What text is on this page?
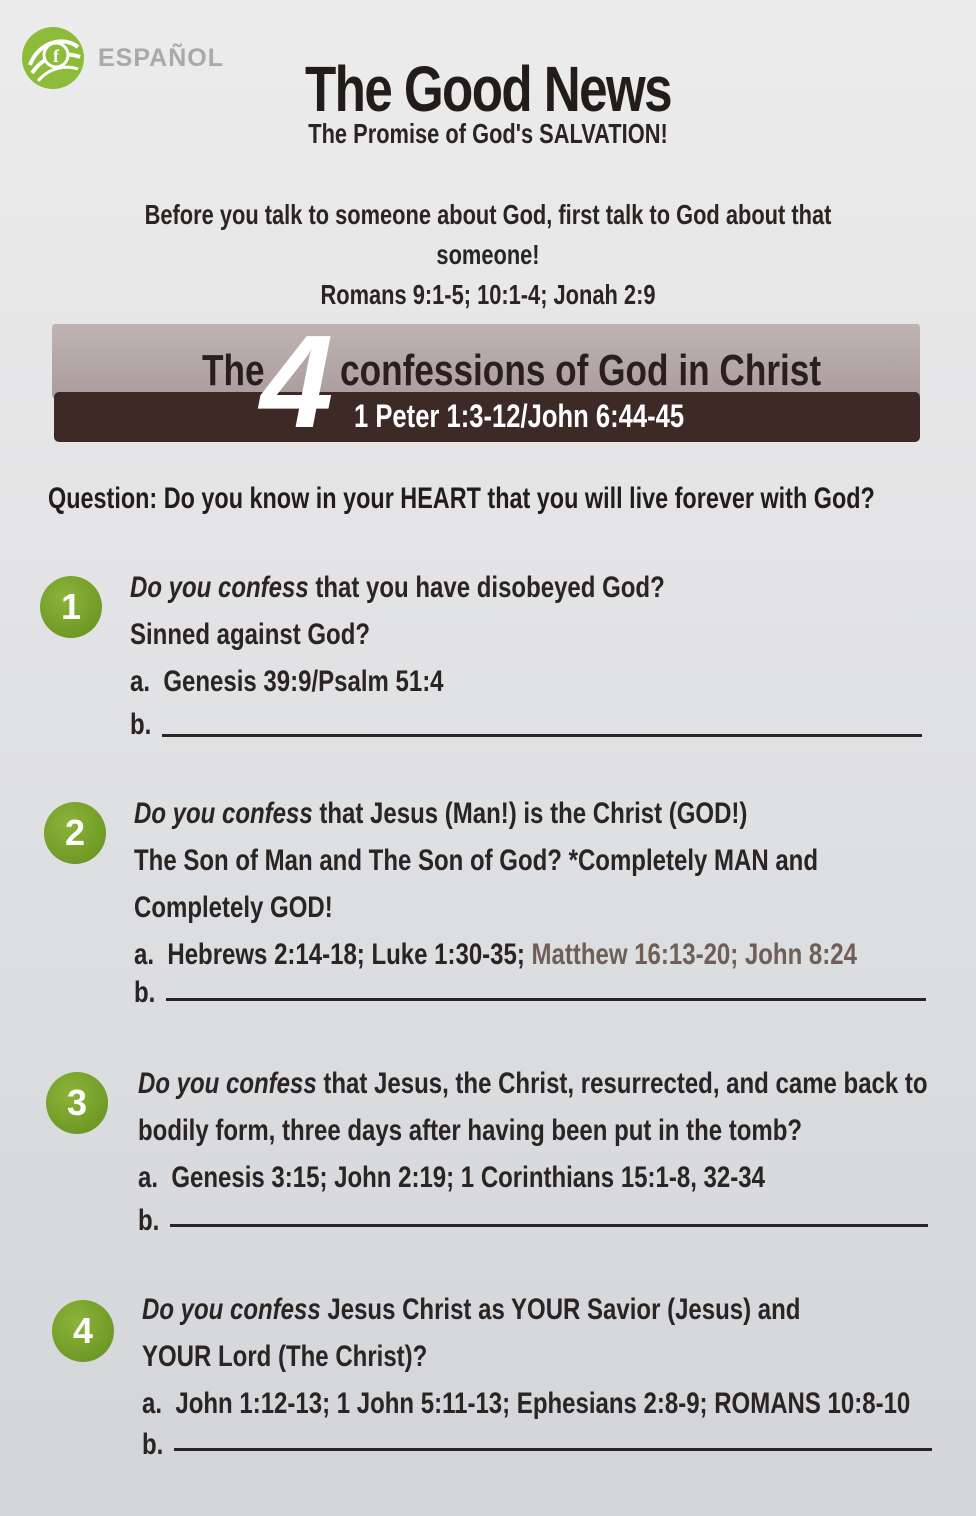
f ESPAÑOL	The Good News
The Promise of God's SALVATION!
Before you talk to someone about God, first talk to God about that someone!
Romans 9:1-5; 10:1-4; Jonah 2:9
The
4 confessions of God in Christ
1 Peter 1:3-12/John 6:44-45
Question: Do you know in your HEART that you will live forever with God?
1	Do you confess that you have disobeyed God?
Sinned against God?
a. Genesis 39:9/Psalm 51:4
b.
2	Do you confess that Jesus (Man!) is the Christ (GOD!)
The Son of Man and The Son of God? *Completely MAN and
Completely GOD!
a. Hebrews 2:14-18; Luke 1:30-35; Matthew 16:13-20; John 8:24
b.
3	Do you confess that Jesus, the Christ, resurrected, and came back to
bodily form, three days after having been put in the tomb?
a. Genesis 3:15; John 2:19; 1 Corinthians 15:1-8, 32-34
b.
4
Do you confess Jesus Christ as YOUR Savior (Jesus) and
YOUR Lord (The Christ)?
a. John 1:12-13; 1 John 5:11-13; Ephesians 2:8-9; ROMANS 10:8-10
b.
